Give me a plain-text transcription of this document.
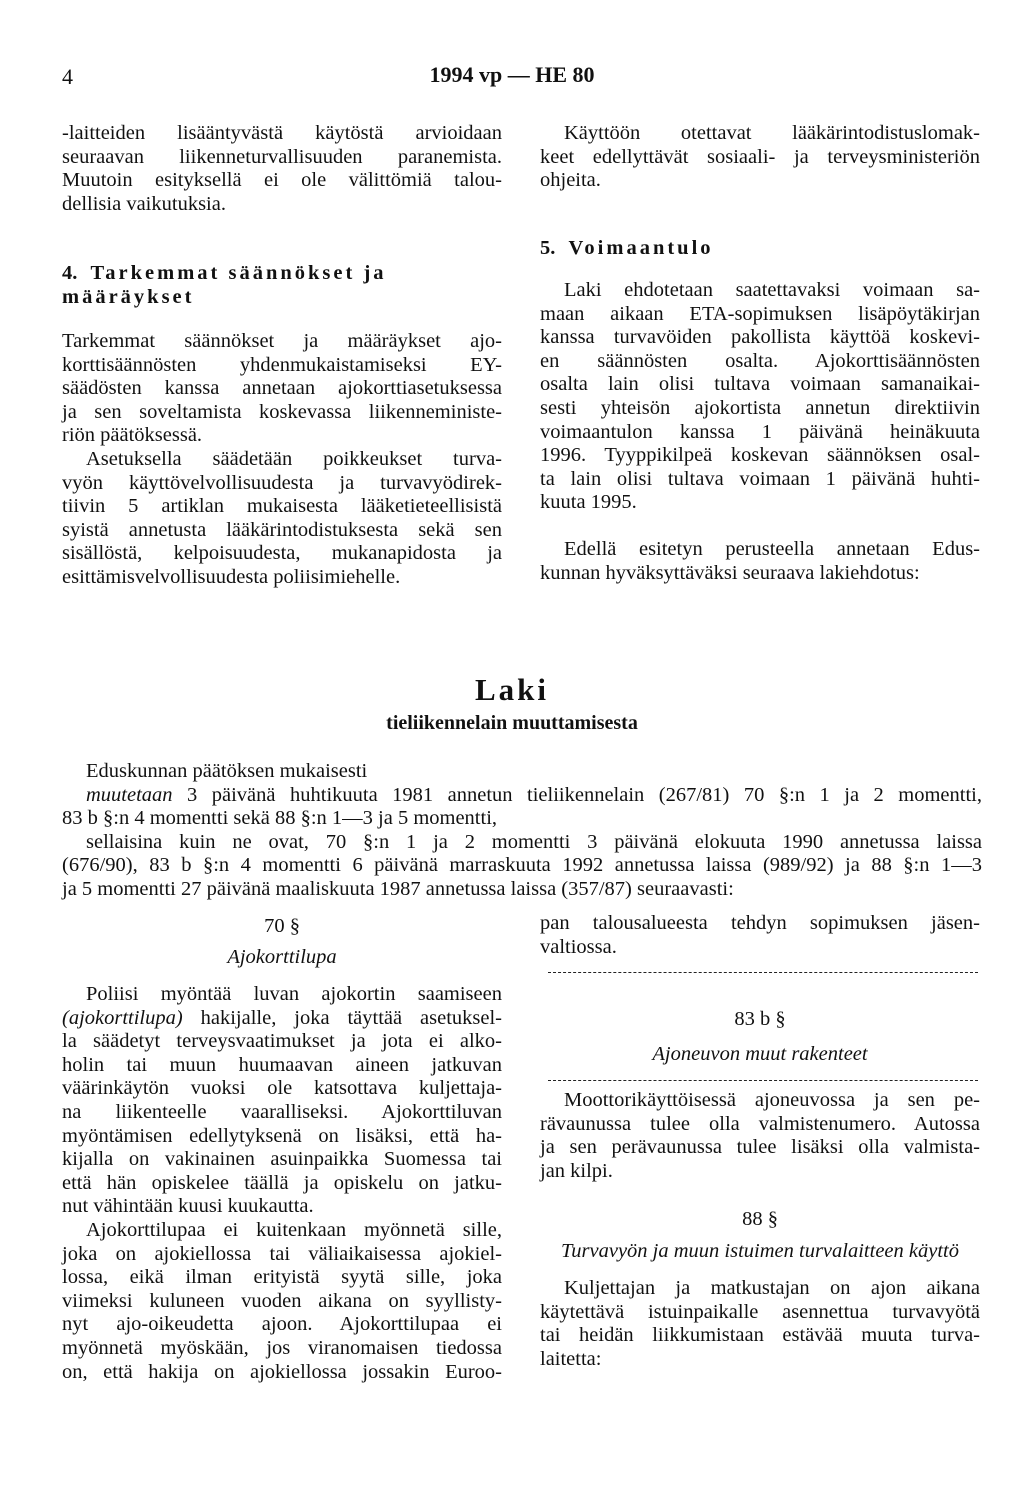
4	1994 vp — HE 80
-laitteiden lisääntyvästä käytöstä arvioidaan
seuraavan liikenneturvallisuuden paranemista.
Muutoin esityksellä ei ole välittömiä talou-
dellisia vaikutuksia.
4. Tarkemmat säännökset ja
määräykset
Tarkemmat säännökset ja määräykset ajo-
korttisäännösten yhdenmukaistamiseksi EY-
säädösten kanssa annetaan ajokorttiasetuksessa
ja sen soveltamista koskevassa liikenneministe-
riön päätöksessä.
Asetuksella säädetään poikkeukset turva-
vyön käyttövelvollisuudesta ja turvavyödirek-
tiivin 5 artiklan mukaisesta lääketieteellisistä
syistä annetusta lääkärintodistuksesta sekä sen
sisällöstä, kelpoisuudesta, mukanapidosta ja
esittämisvelvollisuudesta poliisimiehelle.
Käyttöön otettavat lääkärintodistuslomak-
keet edellyttävät sosiaali- ja terveysministeriön
ohjeita.
5. Voimaantulo
Laki ehdotetaan saatettavaksi voimaan sa-
maan aikaan ETA-sopimuksen lisäpöytäkirjan
kanssa turvavöiden pakollista käyttöä koskevi-
en säännösten osalta. Ajokorttisäännösten
osalta lain olisi tultava voimaan samanaikai-
sesti yhteisön ajokortista annetun direktiivin
voimaantulon kanssa 1 päivänä heinäkuuta
1996. Tyyppikilpeä koskevan säännöksen osal-
ta lain olisi tultava voimaan 1 päivänä huhti-
kuuta 1995.
Edellä esitetyn perusteella annetaan Edus-
kunnan hyväksyttäväksi seuraava lakiehdotus:
Laki
tieliikennelain muuttamisesta
Eduskunnan päätöksen mukaisesti
muutetaan 3 päivänä huhtikuuta 1981 annetun tieliikennelain (267/81) 70 §:n 1 ja 2 momentti,
83 b §:n 4 momentti sekä 88 §:n 1—3 ja 5 momentti,
sellaisina kuin ne ovat, 70 §:n 1 ja 2 momentti 3 päivänä elokuuta 1990 annetussa laissa
(676/90), 83 b §:n 4 momentti 6 päivänä marraskuuta 1992 annetussa laissa (989/92) ja 88 §:n 1—3
ja 5 momentti 27 päivänä maaliskuuta 1987 annetussa laissa (357/87) seuraavasti:
70 §
Ajokorttilupa
Poliisi myöntää luvan ajokortin saamiseen
(ajokorttilupa) hakijalle, joka täyttää asetuksel-
la säädetyt terveysvaatimukset ja jota ei alko-
holin tai muun huumaavan aineen jatkuvan
väärinkäytön vuoksi ole katsottava kuljettaja-
na liikenteelle vaaralliseksi. Ajokorttiluvan
myöntämisen edellytyksenä on lisäksi, että ha-
kijalla on vakinainen asuinpaikka Suomessa tai
että hän opiskelee täällä ja opiskelu on jatku-
nut vähintään kuusi kuukautta.
Ajokorttilupaa ei kuitenkaan myönnetä sille,
joka on ajokiellossa tai väliaikaisessa ajokiel-
lossa, eikä ilman erityistä syytä sille, joka
viimeksi kuluneen vuoden aikana on syyllisty-
nyt ajo-oikeudetta ajoon. Ajokorttilupaa ei
myönnetä myöskään, jos viranomaisen tiedossa
on, että hakija on ajokiellossa jossakin Euroo-
pan talousalueesta tehdyn sopimuksen jäsen-
valtiossa.
83 b §
Ajoneuvon muut rakenteet
Moottorikäyttöisessä ajoneuvossa ja sen pe-
rävaunussa tulee olla valmistenumero. Autossa
ja sen perävaunussa tulee lisäksi olla valmista-
jan kilpi.
88 §
Turvavyön ja muun istuimen turvalaitteen käyttö
Kuljettajan ja matkustajan on ajon aikana
käytettävä istuinpaikalle asennettua turvavyötä
tai heidän liikkumistaan estävää muuta turva-
laitetta:
